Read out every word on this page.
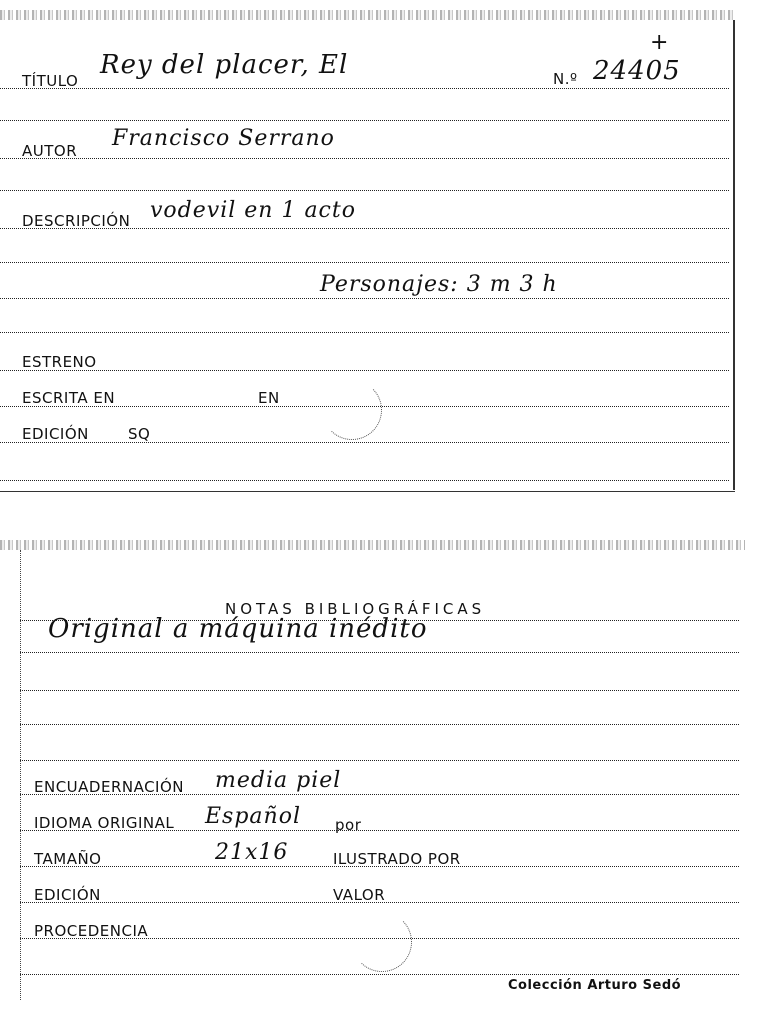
TÍTULO
Rey del placer, El	N.º 24405
+
AUTOR Francisco Serrano
DESCRIPCIÓN vodevil en 1 acto
Personajes: 3 m 3 h
ESTRENO
ESCRITA EN	EN
EDICIÓN	SQ
NOTAS BIBLIOGRÁFICAS
Original a máquina inédito
ENCUADERNACIÓN media piel
IDIOMA ORIGINAL Español por
TAMAÑO	21x16	ILUSTRADO POR
EDICIÓN	VALOR
PROCEDENCIA
Colección Arturo Sedó
